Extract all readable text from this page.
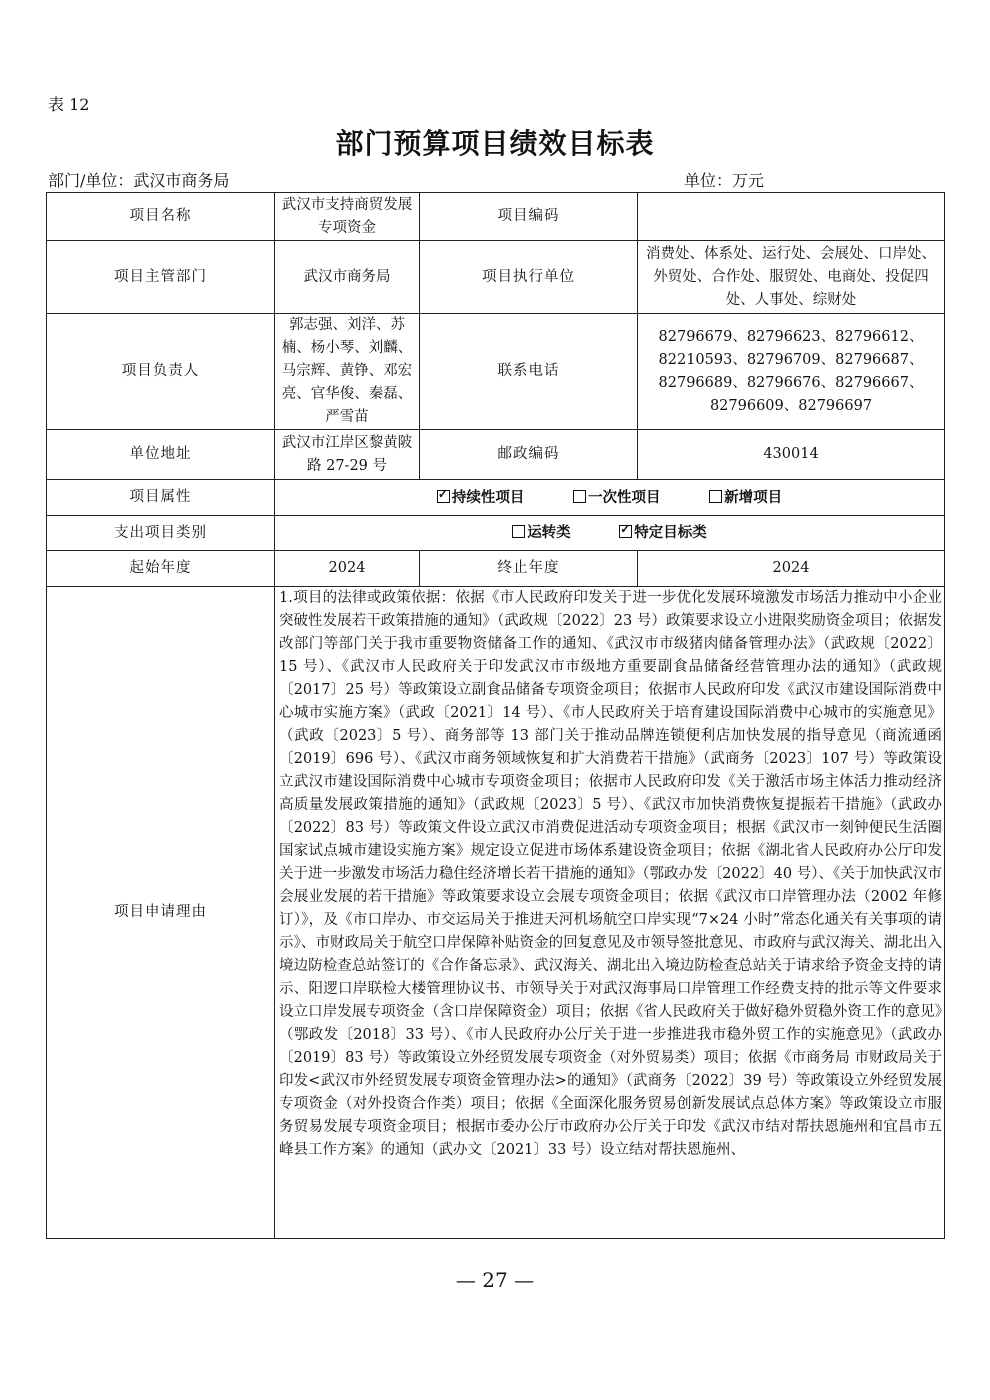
表 12
部门预算项目绩效目标表
部门/单位：武汉市商务局	单位：万元
项目名称	武汉市支持商贸发展专项资金	项目编码	
项目主管部门	武汉市商务局	项目执行单位	消费处、体系处、运行处、会展处、口岸处、外贸处、合作处、服贸处、电商处、投促四处、人事处、综财处
项目负责人	郭志强、刘洋、苏楠、杨小琴、刘麟、马宗辉、黄铮、邓宏亮、官华俊、秦磊、严雪苗	联系电话	82796679、82796623、82796612、
82210593、82796709、82796687、
82796689、82796676、82796667、
82796609、82796697

单位地址	武汉市江岸区黎黄陂路 27-29 号	邮政编码	430014
项目属性	✓持续性项目 一次性项目 新增项目
支出项目类别	运转类 ✓ 特定目标类
起始年度	2024	终止年度	2024
项目申请理由	1.项目的法律或政策依据：依据《市人民政府印发关于进一步优化发展环境激发市场活力推动中小企业突破性发展若干政策措施的通知》（武政规〔2022〕23 号）政策要求设立小进限奖励资金项目；依据发改部门等部门关于我市重要物资储备工作的通知、《武汉市市级猪肉储备管理办法》（武政规〔2022〕15 号）、《武汉市人民政府关于印发武汉市市级地方重要副食品储备经营管理办法的通知》（武政规〔2017〕25 号）等政策设立副食品储备专项资金项目；依据市人民政府印发《武汉市建设国际消费中心城市实施方案》（武政〔2021〕14 号）、《市人民政府关于培育建设国际消费中心城市的实施意见》（武政〔2023〕5 号）、商务部等 13 部门关于推动品牌连锁便利店加快发展的指导意见（商流通函〔2019〕696 号）、《武汉市商务领域恢复和扩大消费若干措施》（武商务〔2023〕107 号）等政策设立武汉市建设国际消费中心城市专项资金项目；依据市人民政府印发《关于激活市场主体活力推动经济高质量发展政策措施的通知》（武政规〔2023〕5 号）、《武汉市加快消费恢复提振若干措施》（武政办〔2022〕83 号）等政策文件设立武汉市消费促进活动专项资金项目；根据《武汉市一刻钟便民生活圈国家试点城市建设实施方案》规定设立促进市场体系建设资金项目；依据《湖北省人民政府办公厅印发关于进一步激发市场活力稳住经济增长若干措施的通知》（鄂政办发〔2022〕40 号）、《关于加快武汉市会展业发展的若干措施》等政策要求设立会展专项资金项目；依据《武汉市口岸管理办法（2002 年修订）》，及《市口岸办、市交运局关于推进天河机场航空口岸实现“7×24 小时”常态化通关有关事项的请示》、市财政局关于航空口岸保障补贴资金的回复意见及市领导签批意见、市政府与武汉海关、湖北出入境边防检查总站签订的《合作备忘录》、武汉海关、湖北出入境边防检查总站关于请求给予资金支持的请示、阳逻口岸联检大楼管理协议书、市领导关于对武汉海事局口岸管理工作经费支持的批示等文件要求设立口岸发展专项资金（含口岸保障资金）项目；依据《省人民政府关于做好稳外贸稳外资工作的意见》（鄂政发〔2018〕33 号）、《市人民政府办公厅关于进一步推进我市稳外贸工作的实施意见》（武政办〔2019〕83 号）等政策设立外经贸发展专项资金（对外贸易类）项目；依据《市商务局 市财政局关于印发<武汉市外经贸发展专项资金管理办法>的通知》（武商务〔2022〕39 号）等政策设立外经贸发展专项资金（对外投资合作类）项目；依据《全面深化服务贸易创新发展试点总体方案》等政策设立市服务贸易发展专项资金项目；根据市委办公厅市政府办公厅关于印发《武汉市结对帮扶恩施州和宜昌市五峰县工作方案》的通知（武办文〔2021〕33 号）设立结对帮扶恩施州、		
— 27 —
